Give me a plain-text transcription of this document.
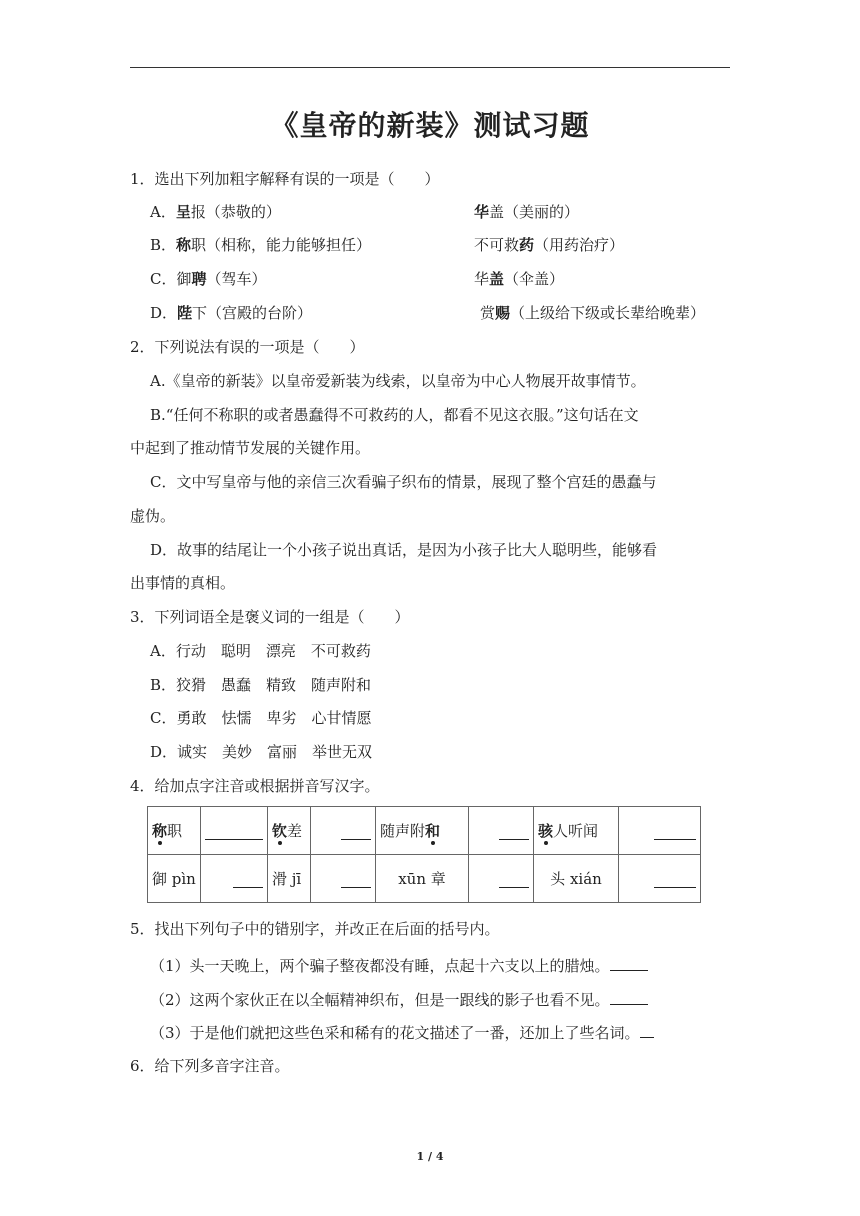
《皇帝的新装》测试习题
1．选出下列加粗字解释有误的一项是（　　）
A．呈报（恭敬的）	华盖（美丽的）
B．称职（相称，能力能够担任）	不可救药（用药治疗）
C．御聘（驾车）	华盖（伞盖）
D．陛下（宫殿的台阶）	赏赐（上级给下级或长辈给晚辈）
2．下列说法有误的一项是（　　）
A.《皇帝的新装》以皇帝爱新装为线索，以皇帝为中心人物展开故事情节。
B.“任何不称职的或者愚蠢得不可救药的人，都看不见这衣服。”这句话在文
中起到了推动情节发展的关键作用。
C．文中写皇帝与他的亲信三次看骗子织布的情景，展现了整个宫廷的愚蠢与
虚伪。
D．故事的结尾让一个小孩子说出真话，是因为小孩子比大人聪明些，能够看
出事情的真相。
3．下列词语全是褒义词的一组是（　　）
A．行动　聪明　漂亮　不可救药
B．狡猾　愚蠢　精致　随声附和
C．勇敢　怯懦　卑劣　心甘情愿
D．诚实　美妙　富丽　举世无双
4．给加点字注音或根据拼音写汉字。
称职		钦差		随声附和		骇人听闻	
御 pìn		滑 jī		xūn 章		头 xián	
5．找出下列句子中的错别字，并改正在后面的括号内。
（1）头一天晚上，两个骗子整夜都没有睡，点起十六支以上的腊烛。
（2）这两个家伙正在以全幅精神织布，但是一跟线的影子也看不见。
（3）于是他们就把这些色采和稀有的花文描述了一番，还加上了些名词。
6．给下列多音字注音。
1 / 4
